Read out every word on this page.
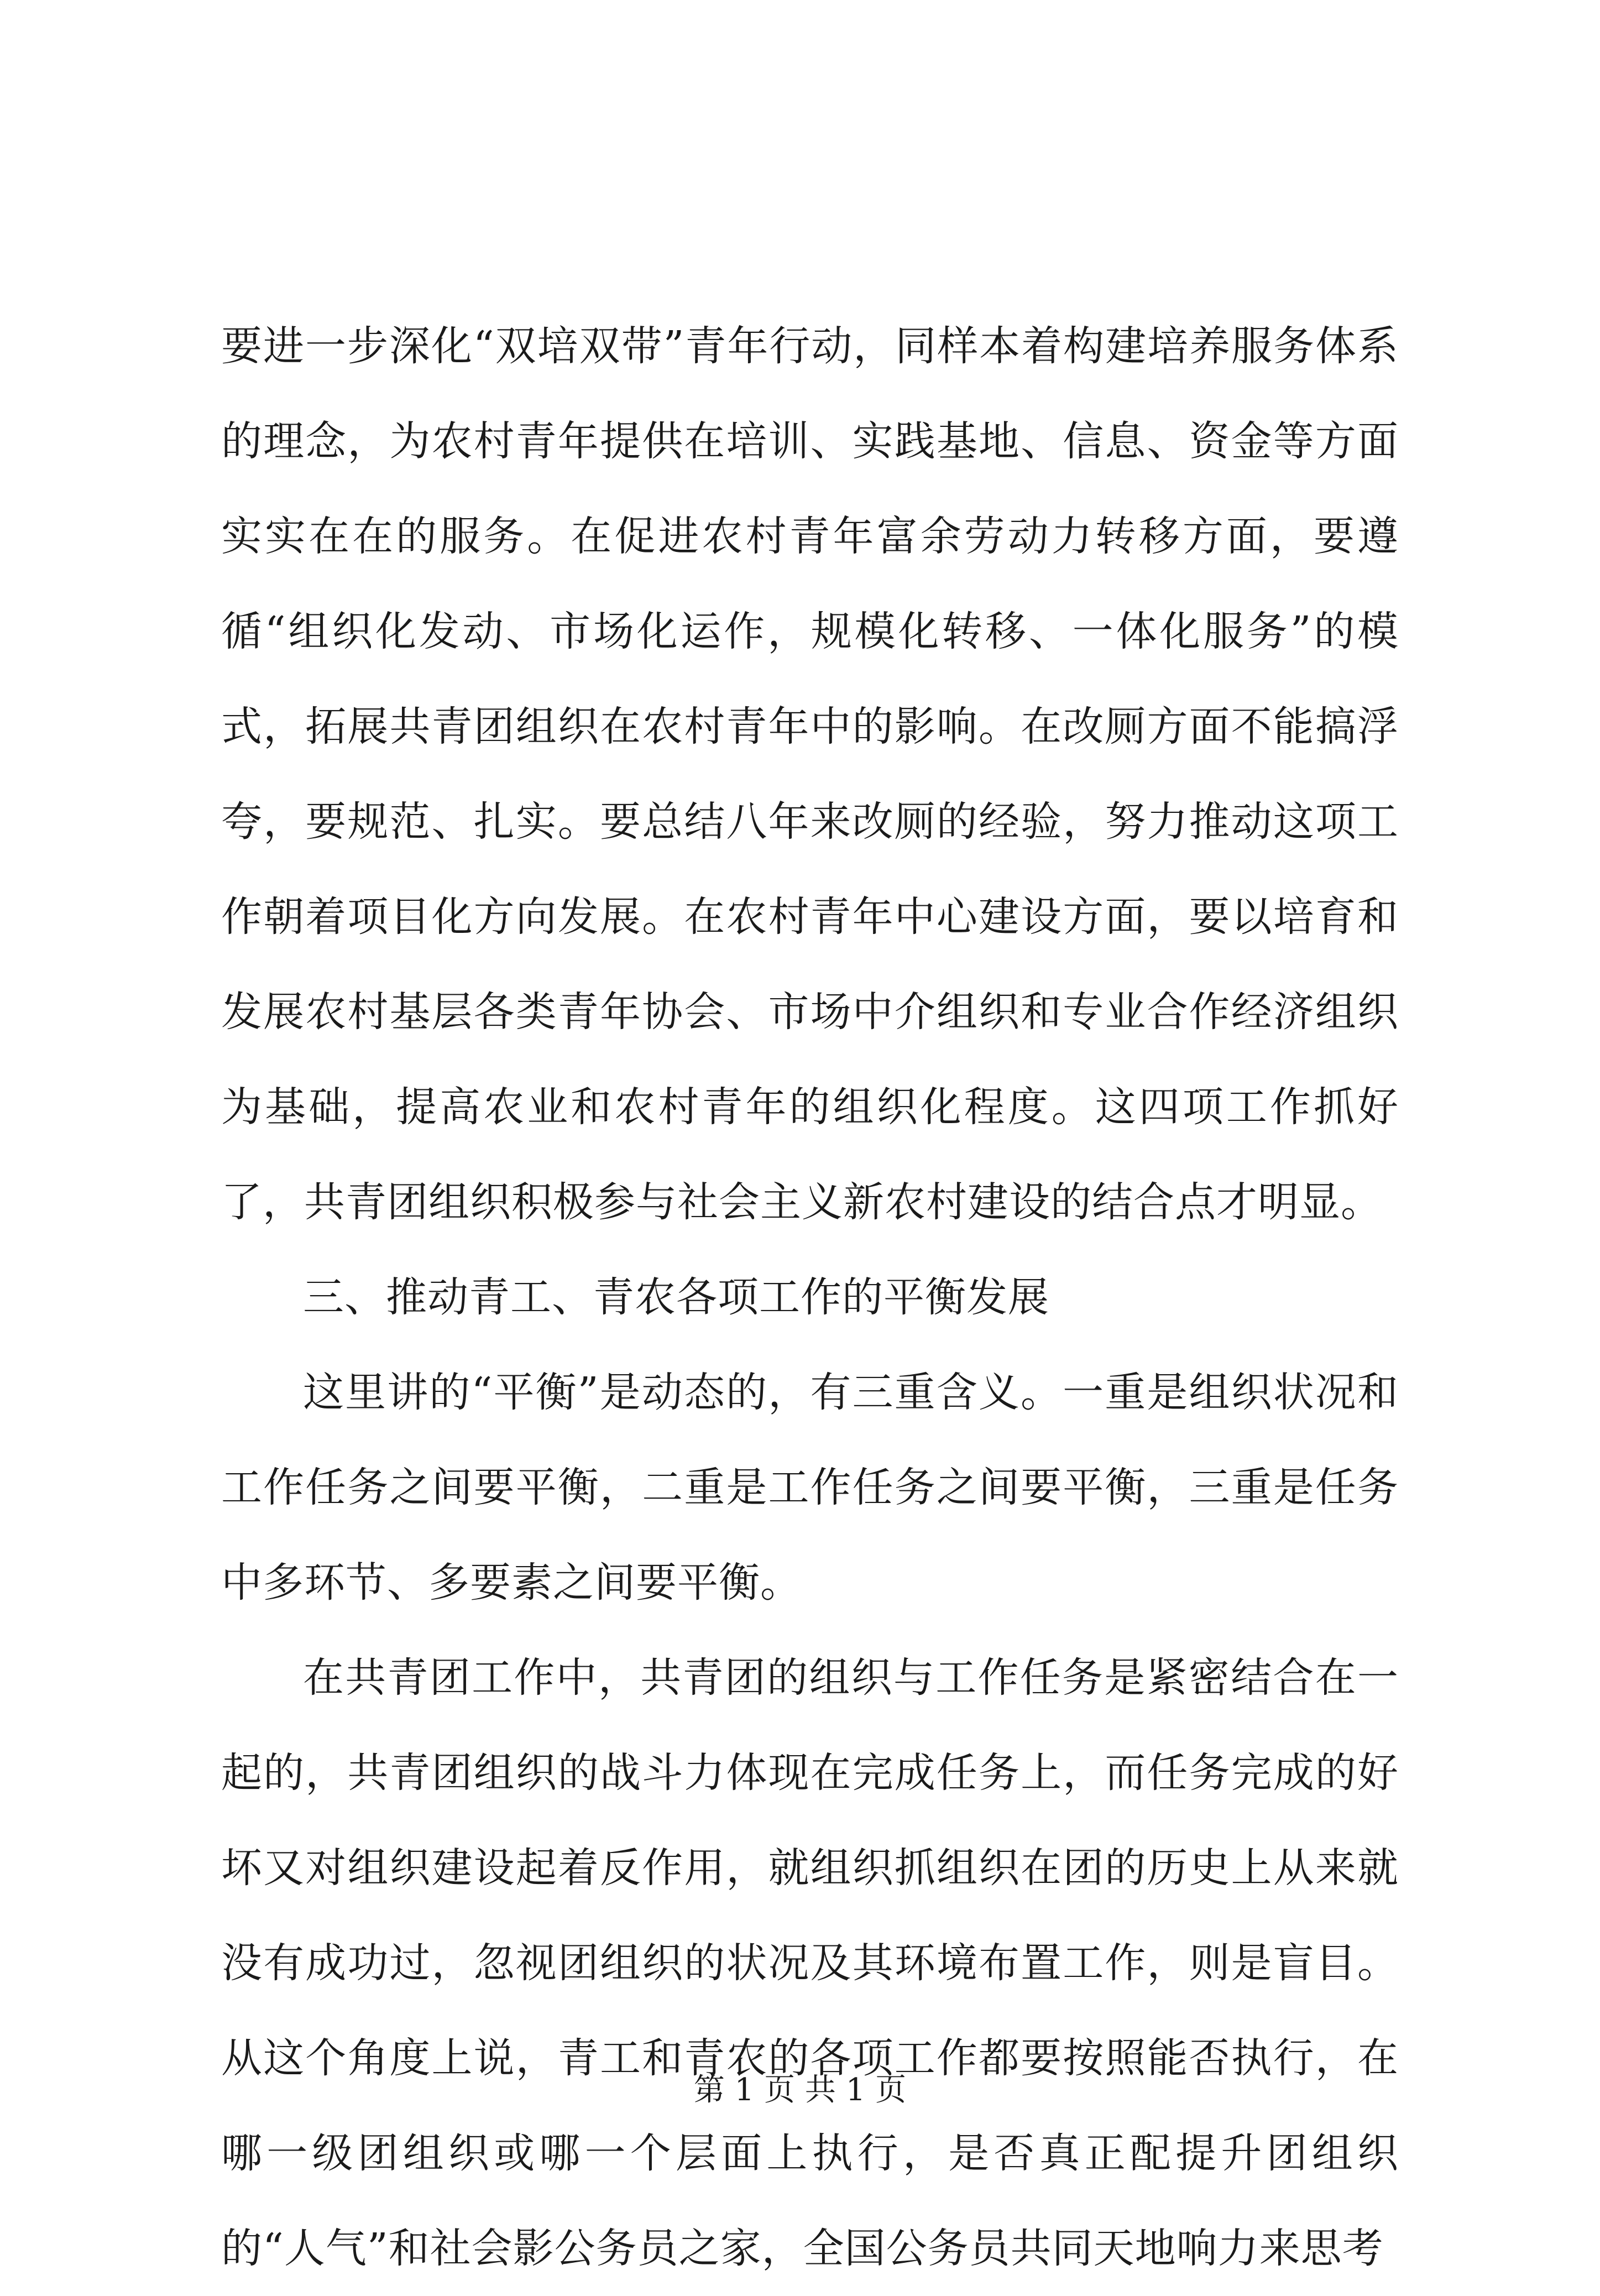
要进一步深化“双培双带”青年行动，同样本着构建培养服务体系的理念，为农村青年提供在培训、实践基地、信息、资金等方面实实在在的服务。在促进农村青年富余劳动力转移方面，要遵循“组织化发动、市场化运作，规模化转移、一体化服务”的模式，拓展共青团组织在农村青年中的影响。在改厕方面不能搞浮夸，要规范、扎实。要总结八年来改厕的经验，努力推动这项工作朝着项目化方向发展。在农村青年中心建设方面，要以培育和发展农村基层各类青年协会、市场中介组织和专业合作经济组织为基础，提高农业和农村青年的组织化程度。这四项工作抓好了，共青团组织积极参与社会主义新农村建设的结合点才明显。

三、推动青工、青农各项工作的平衡发展

这里讲的“平衡”是动态的，有三重含义。一重是组织状况和工作任务之间要平衡，二重是工作任务之间要平衡，三重是任务中多环节、多要素之间要平衡。

在共青团工作中，共青团的组织与工作任务是紧密结合在一起的，共青团组织的战斗力体现在完成任务上，而任务完成的好坏又对组织建设起着反作用，就组织抓组织在团的历史上从来就没有成功过，忽视团组织的状况及其环境布置工作，则是盲目。从这个角度上说，青工和青农的各项工作都要按照能否执行，在哪一级团组织或哪一个层面上执行，是否真正配提升团组织的“人气”和社会影公务员之家，全国公务员共同天地响力来思考

第 1 页 共 1 页
